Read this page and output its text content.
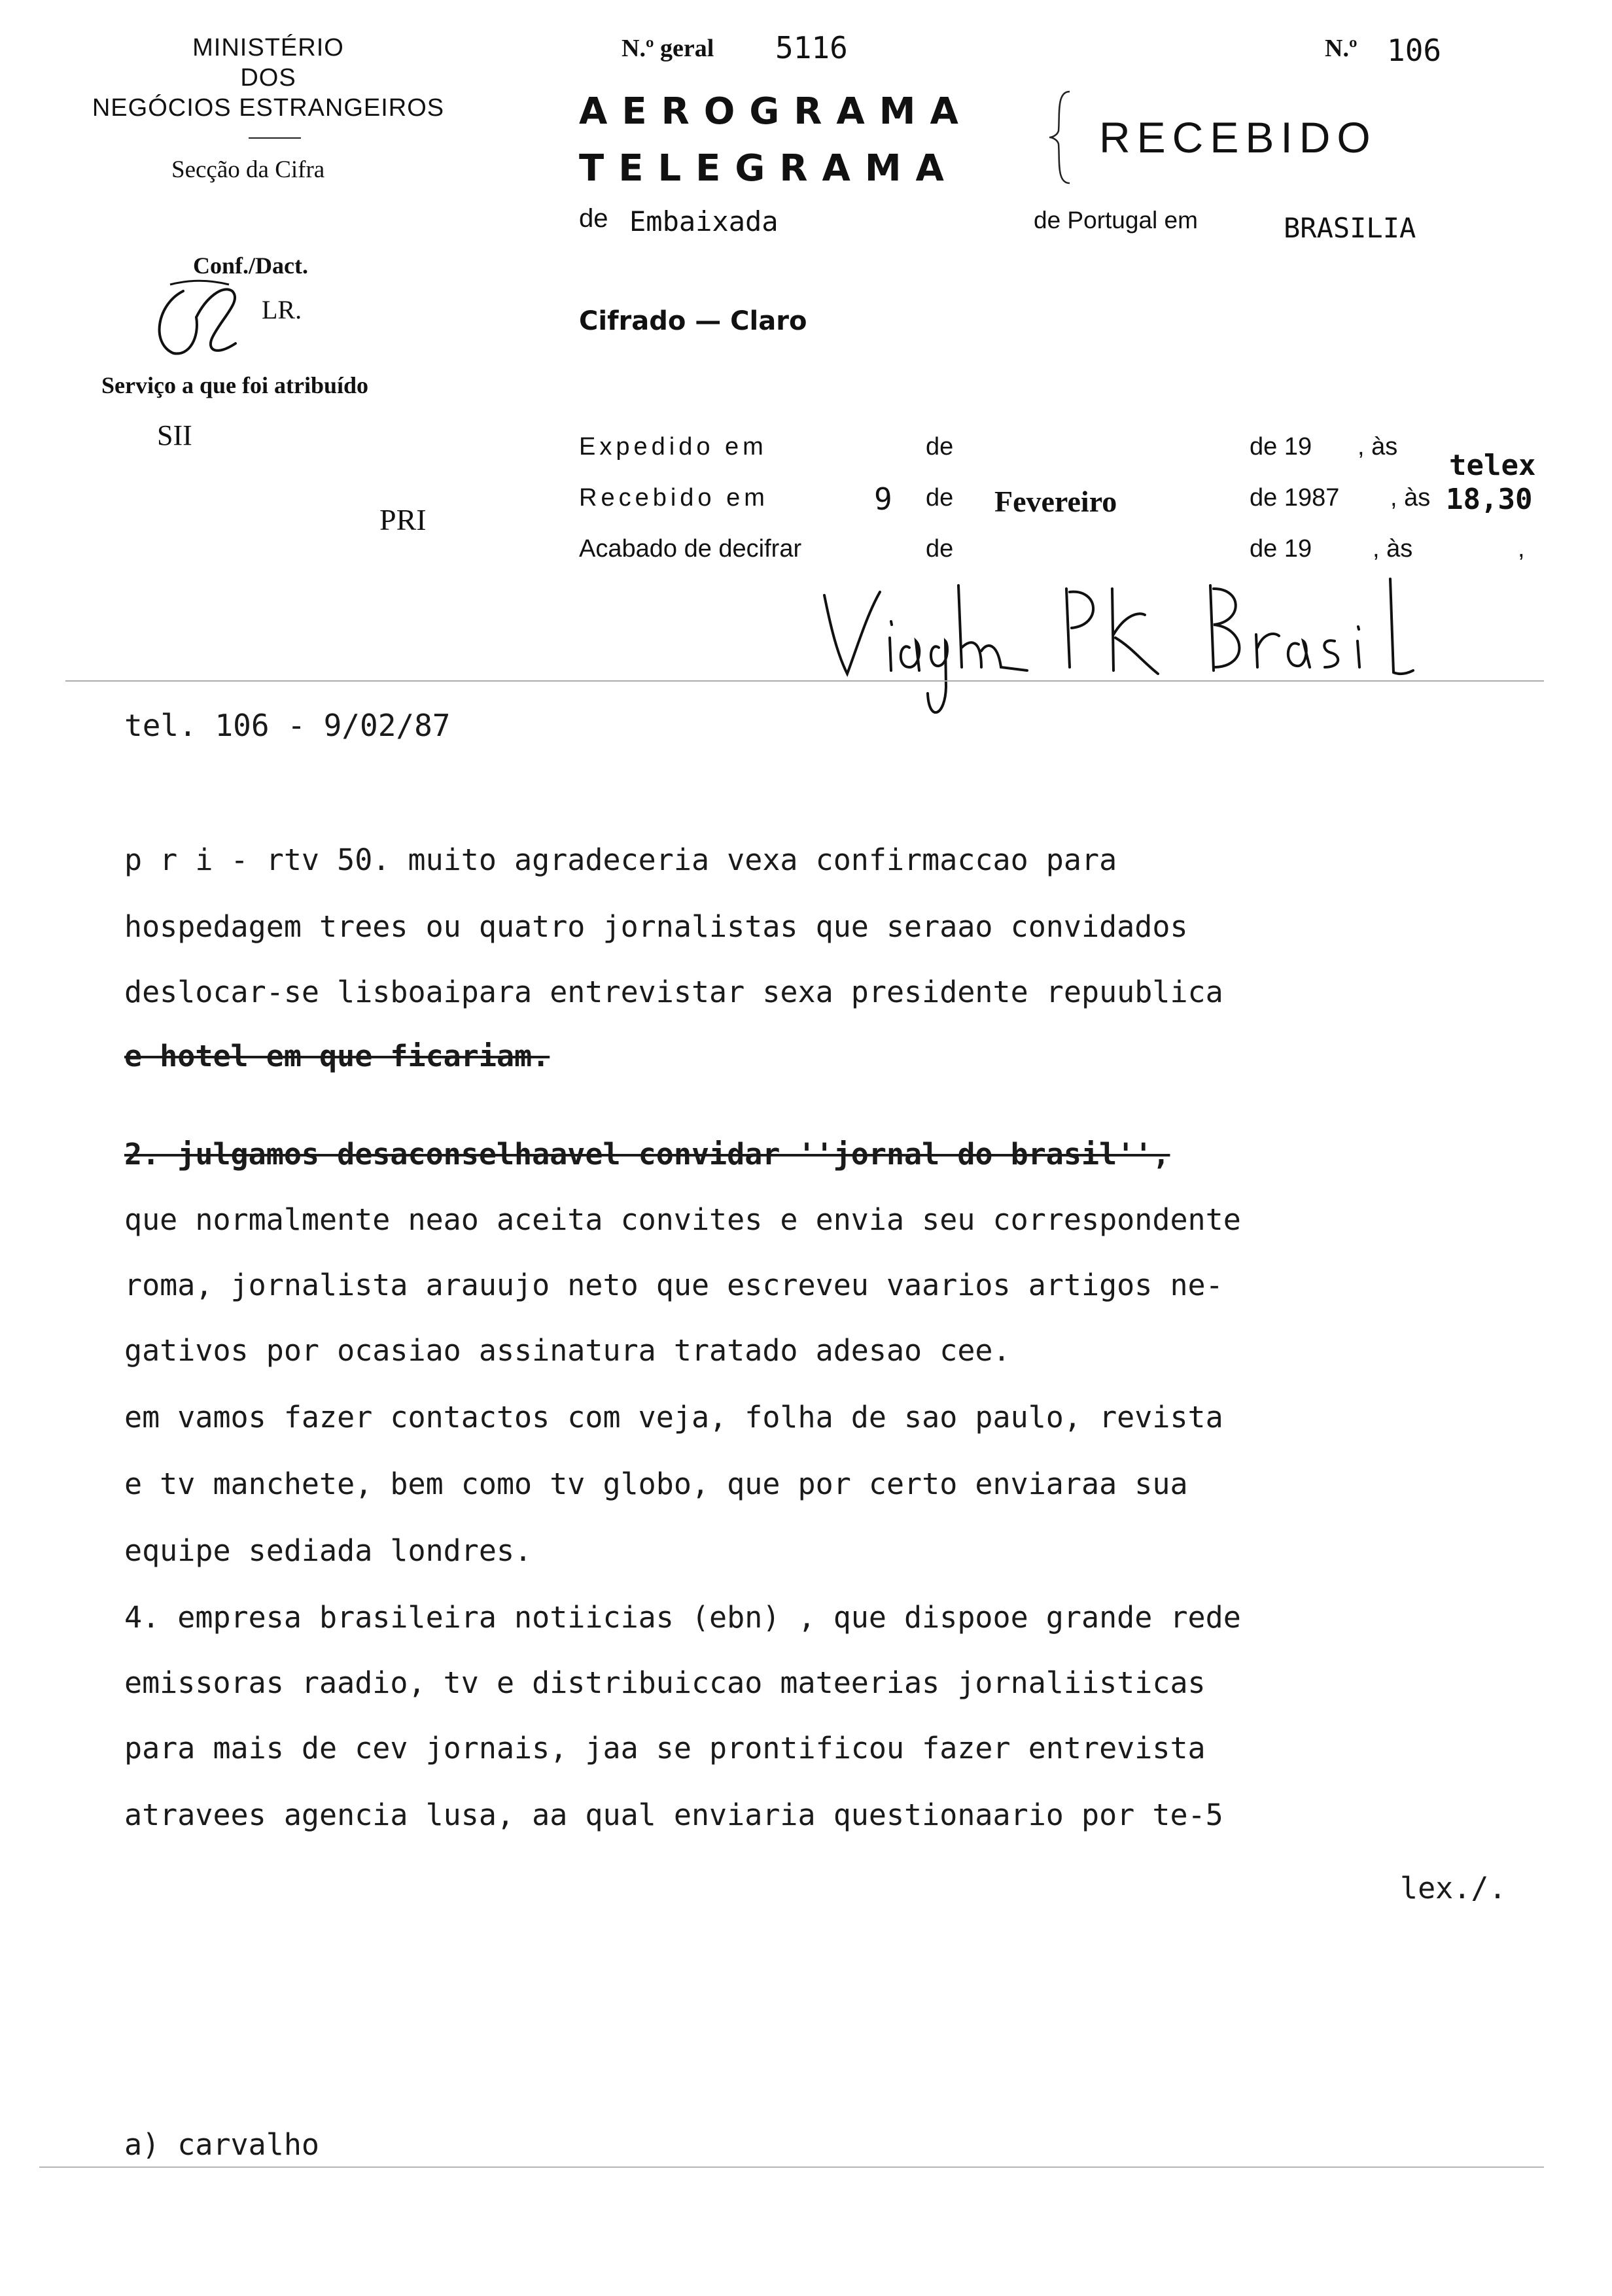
MINISTÉRIO
DOS
NEGÓCIOS ESTRANGEIROS
Secção da Cifra
Conf./Dact.
LR.
Serviço a que foi atribuído
SII
PRI
N.º geral 5116	N.º 106
AEROGRAMA
TELEGRAMA
RECEBIDO
de Embaixada	de Portugal em	BRASILIA
Cifrado — Claro
Expedido em	de	de 19 , às
telex
Recebido em	9 de Fevereiro	de 1987 , às 18,30
Acabado de decifrar	de	de 19 , às	,
tel. 106 - 9/02/87
p r i - rtv 50. muito agradeceria vexa confirmaccao para
hospedagem trees ou quatro jornalistas que seraao convidados
deslocar-se lisboaipara entrevistar sexa presidente repuublica
e hotel em que ficariam.
2. julgamos desaconselhaavel convidar ''jornal do brasil'',
que normalmente neao aceita convites e envia seu correspondente
roma, jornalista arauujo neto que escreveu vaarios artigos ne-
gativos por ocasiao assinatura tratado adesao cee.
em vamos fazer contactos com veja, folha de sao paulo, revista
e tv manchete, bem como tv globo, que por certo enviaraa sua
equipe sediada londres.
4. empresa brasileira notiicias (ebn) , que dispooe grande rede
emissoras raadio, tv e distribuiccao mateerias jornaliisticas
para mais de cev jornais, jaa se prontificou fazer entrevista
atravees agencia lusa, aa qual enviaria questionaario por te-5
lex./.
a) carvalho
